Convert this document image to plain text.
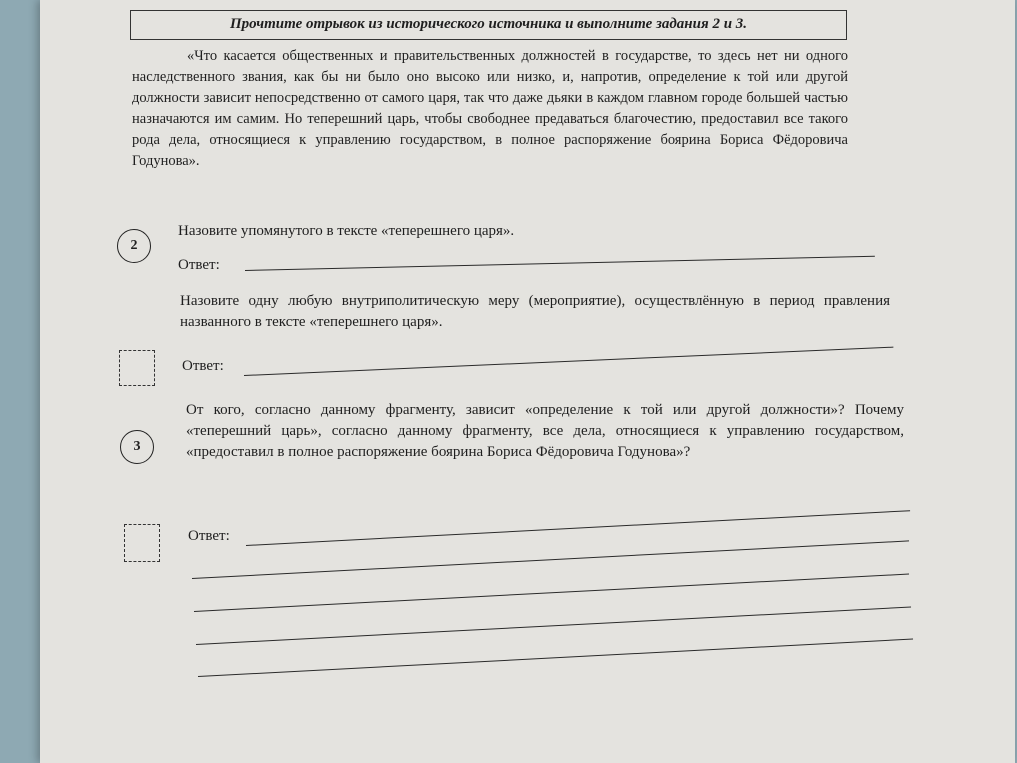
Прочтите отрывок из исторического источника и выполните задания 2 и 3.
«Что касается общественных и правительственных должностей в государстве, то здесь нет ни одного наследственного звания, как бы ни было оно высоко или низко, и, напротив, определение к той или другой должности зависит непосредственно от самого царя, так что даже дьяки в каждом главном городе большей частью назначаются им самим. Но теперешний царь, чтобы свободнее предаваться благочестию, предоставил все такого рода дела, относящиеся к управлению государством, в полное распоряжение боярина Бориса Фёдоровича Годунова».
2
Назовите упомянутого в тексте «теперешнего царя».
Ответ:
Назовите одну любую внутриполитическую меру (мероприятие), осуществлённую в период правления названного в тексте «теперешнего царя».
Ответ:
3
От кого, согласно данному фрагменту, зависит «определение к той или другой должности»? Почему «теперешний царь», согласно данному фрагменту, все дела, относящиеся к управлению государством, «предоставил в полное распоряжение боярина Бориса Фёдоровича Годунова»?
Ответ:
